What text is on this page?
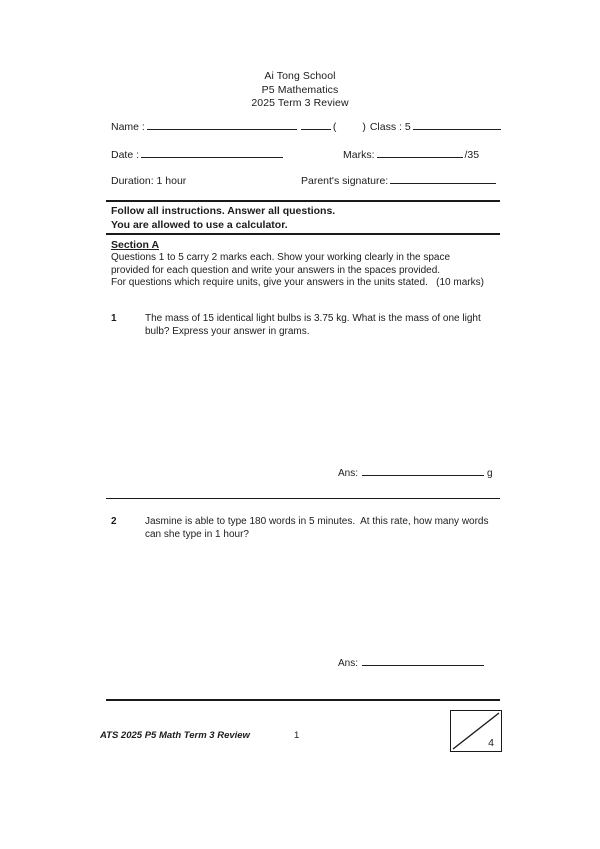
Ai Tong School
P5 Mathematics
2025 Term 3 Review
Name :	( ) Class : 5
Date :	Marks:	/35
Duration: 1 hour	Parent's signature:
Follow all instructions. Answer all questions.
You are allowed to use a calculator.
Section A
Questions 1 to 5 carry 2 marks each. Show your working clearly in the space
provided for each question and write your answers in the spaces provided.
For questions which require units, give your answers in the units stated.   (10 marks)
1	The mass of 15 identical light bulbs is 3.75 kg. What is the mass of one light
bulb? Express your answer in grams.
Ans:	g
2	Jasmine is able to type 180 words in 5 minutes.  At this rate, how many words
can she type in 1 hour?
Ans:
ATS 2025 P5 Math Term 3 Review	1
4
